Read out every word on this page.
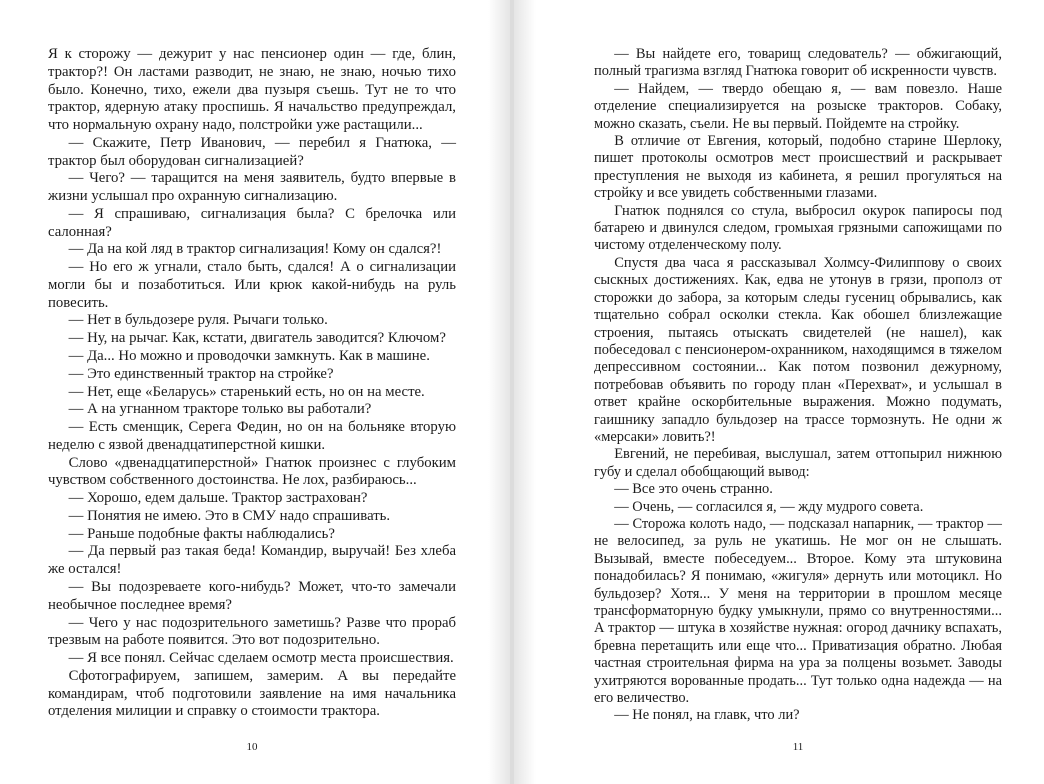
Я к сторожу — дежурит у нас пенсионер один — где, блин, трактор?! Он ластами разводит, не знаю, не знаю, ночью тихо было. Конечно, тихо, ежели два пузыря съешь. Тут не то что трактор, ядерную атаку проспишь. Я начальство предупреждал, что нормальную охрану надо, полстройки уже растащили...

— Скажите, Петр Иванович, — перебил я Гнатюка, — трактор был оборудован сигнализацией?

— Чего? — таращится на меня заявитель, будто впервые в жизни услышал про охранную сигнализацию.

— Я спрашиваю, сигнализация была? С брелочка или салонная?

— Да на кой ляд в трактор сигнализация! Кому он сдался?!

— Но его ж угнали, стало быть, сдался! А о сигнализации могли бы и позаботиться. Или крюк какой-нибудь на руль повесить.

— Нет в бульдозере руля. Рычаги только.

— Ну, на рычаг. Как, кстати, двигатель заводится? Ключом?

— Да... Но можно и проводочки замкнуть. Как в машине.

— Это единственный трактор на стройке?

— Нет, еще «Беларусь» старенький есть, но он на месте.

— А на угнанном тракторе только вы работали?

— Есть сменщик, Серега Федин, но он на больняке вторую неделю с язвой двенадцатиперстной кишки.

Слово «двенадцатиперстной» Гнатюк произнес с глубоким чувством собственного достоинства. Не лох, разбираюсь...

— Хорошо, едем дальше. Трактор застрахован?

— Понятия не имею. Это в СМУ надо спрашивать.

— Раньше подобные факты наблюдались?

— Да первый раз такая беда! Командир, выручай! Без хлеба же остался!

— Вы подозреваете кого-нибудь? Может, что-то замечали необычное последнее время?

— Чего у нас подозрительного заметишь? Разве что прораб трезвым на работе появится. Это вот подозрительно.

— Я все понял. Сейчас сделаем осмотр места происшествия.

Сфотографируем, запишем, замерим. А вы передайте командирам, чтоб подготовили заявление на имя начальника отделения милиции и справку о стоимости трактора.

10

— Вы найдете его, товарищ следователь? — обжигающий, полный трагизма взгляд Гнатюка говорит об искренности чувств.

— Найдем, — твердо обещаю я, — вам повезло. Наше отделение специализируется на розыске тракторов. Собаку, можно сказать, съели. Не вы первый. Пойдемте на стройку.

В отличие от Евгения, который, подобно старине Шерлоку, пишет протоколы осмотров мест происшествий и раскрывает преступления не выходя из кабинета, я решил прогуляться на стройку и все увидеть собственными глазами.

Гнатюк поднялся со стула, выбросил окурок папиросы под батарею и двинулся следом, громыхая грязными сапожищами по чистому отделенческому полу.

Спустя два часа я рассказывал Холмсу-Филиппову о своих сыскных достижениях. Как, едва не утонув в грязи, прополз от сторожки до забора, за которым следы гусениц обрывались, как тщательно собрал осколки стекла. Как обошел близлежащие строения, пытаясь отыскать свидетелей (не нашел), как побеседовал с пенсионером-охранником, находящимся в тяжелом депрессивном состоянии... Как потом позвонил дежурному, потребовав объявить по городу план «Перехват», и услышал в ответ крайне оскорбительные выражения. Можно подумать, гаишнику западло бульдозер на трассе тормознуть. Не одни ж «мерсаки» ловить?!

Евгений, не перебивая, выслушал, затем оттопырил нижнюю губу и сделал обобщающий вывод:

— Все это очень странно.

— Очень, — согласился я, — жду мудрого совета.

— Сторожа колоть надо, — подсказал напарник, — трактор — не велосипед, за руль не укатишь. Не мог он не слышать. Вызывай, вместе побеседуем... Второе. Кому эта штуковина понадобилась? Я понимаю, «жигуля» дернуть или мотоцикл. Но бульдозер? Хотя... У меня на территории в прошлом месяце трансформаторную будку умыкнули, прямо со внутренностями... А трактор — штука в хозяйстве нужная: огород дачнику вспахать, бревна перетащить или еще что... Приватизация обратно. Любая частная строительная фирма на ура за полцены возьмет. Заводы ухитряются ворованные продать... Тут только одна надежда — на его величество.

— Не понял, на главк, что ли?

11
